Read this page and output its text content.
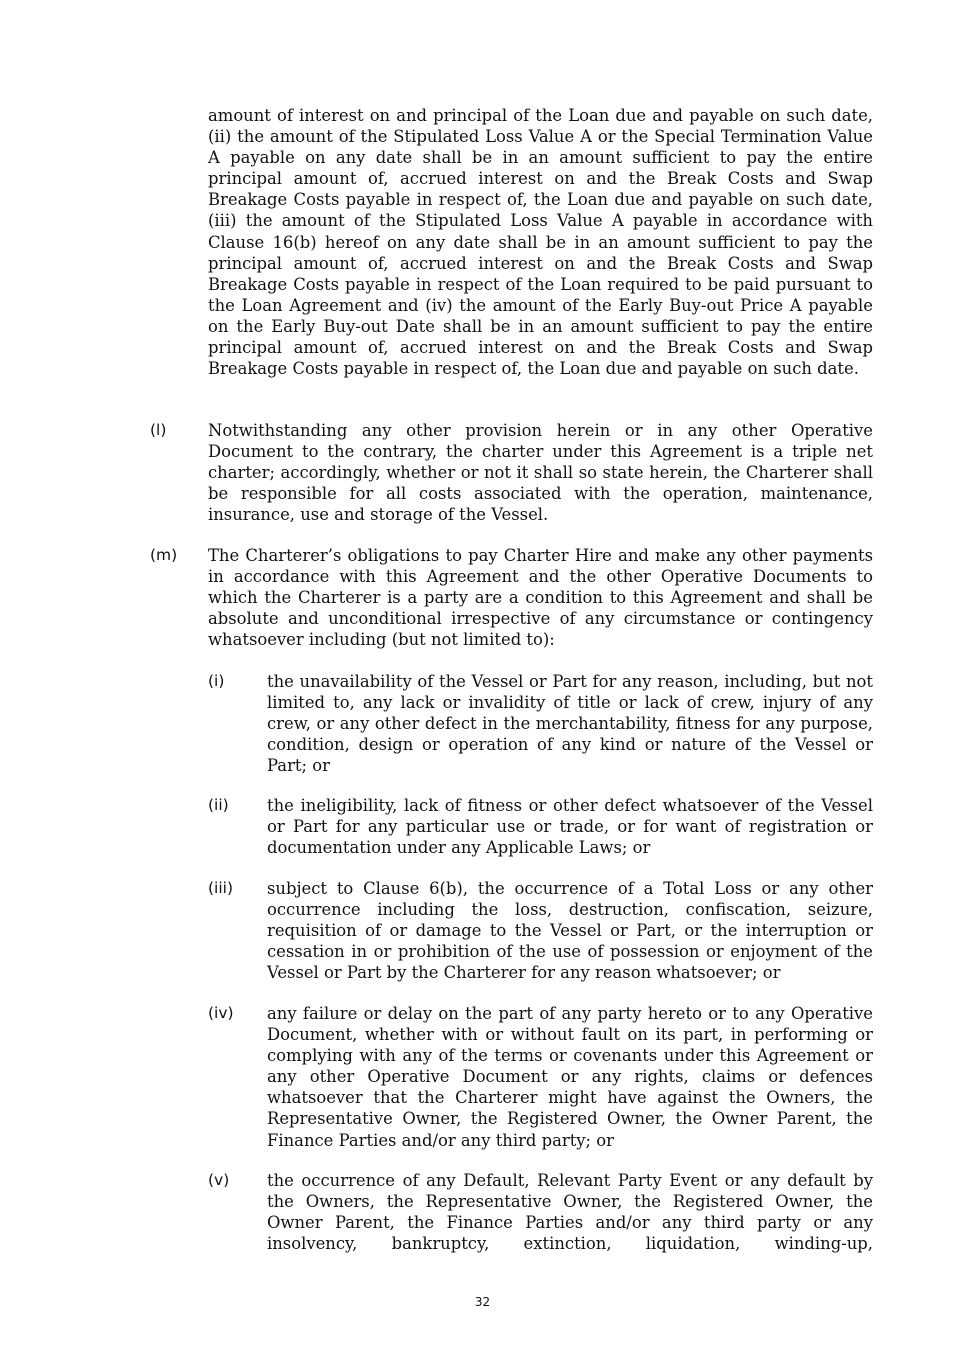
amount of interest on and principal of the Loan due and payable on such date, (ii) the amount of the Stipulated Loss Value A or the Special Termination Value A payable on any date shall be in an amount sufficient to pay the entire principal amount of, accrued interest on and the Break Costs and Swap Breakage Costs payable in respect of, the Loan due and payable on such date, (iii) the amount of the Stipulated Loss Value A payable in accordance with Clause 16(b) hereof on any date shall be in an amount sufficient to pay the principal amount of, accrued interest on and the Break Costs and Swap Breakage Costs payable in respect of the Loan required to be paid pursuant to the Loan Agreement and (iv) the amount of the Early Buy-out Price A payable on the Early Buy-out Date shall be in an amount sufficient to pay the entire principal amount of, accrued interest on and the Break Costs and Swap Breakage Costs payable in respect of, the Loan due and payable on such date.

(l)	Notwithstanding any other provision herein or in any other Operative Document to the contrary, the charter under this Agreement is a triple net charter; accordingly, whether or not it shall so state herein, the Charterer shall be responsible for all costs associated with the operation, maintenance, insurance, use and storage of the Vessel.

(m) The Charterer’s obligations to pay Charter Hire and make any other payments in accordance with this Agreement and the other Operative Documents to which the Charterer is a party are a condition to this Agreement and shall be absolute and unconditional irrespective of any circumstance or contingency whatsoever including (but not limited to):

(i)	the unavailability of the Vessel or Part for any reason, including, but not limited to, any lack or invalidity of title or lack of crew, injury of any crew, or any other defect in the merchantability, fitness for any purpose, condition, design or operation of any kind or nature of the Vessel or Part; or

(ii) the ineligibility, lack of fitness or other defect whatsoever of the Vessel or Part for any particular use or trade, or for want of registration or documentation under any Applicable Laws; or

(iii) subject to Clause 6(b), the occurrence of a Total Loss or any other occurrence including the loss, destruction, confiscation, seizure, requisition of or damage to the Vessel or Part, or the interruption or cessation in or prohibition of the use of possession or enjoyment of the Vessel or Part by the Charterer for any reason whatsoever; or

(iv) any failure or delay on the part of any party hereto or to any Operative Document, whether with or without fault on its part, in performing or complying with any of the terms or covenants under this Agreement or any other Operative Document or any rights, claims or defences whatsoever that the Charterer might have against the Owners, the Representative Owner, the Registered Owner, the Owner Parent, the Finance Parties and/or any third party; or

(v) the occurrence of any Default, Relevant Party Event or any default by the Owners, the Representative Owner, the Registered Owner, the Owner Parent, the Finance Parties and/or any third party or any insolvency, bankruptcy, extinction, liquidation, winding-up,

32
